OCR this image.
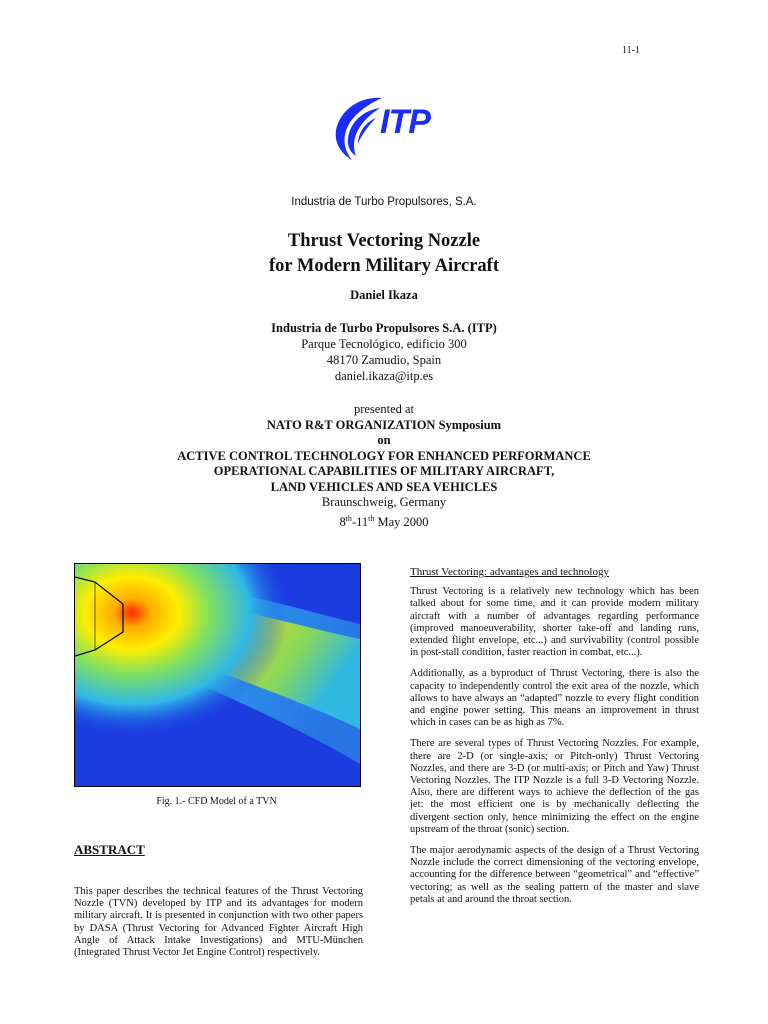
11-1
ITP
Industria de Turbo Propulsores, S.A.
Thrust Vectoring Nozzle
for Modern Military Aircraft
Daniel Ikaza
Industria de Turbo Propulsores S.A. (ITP)
Parque Tecnológico, edificio 300
48170 Zamudio, Spain
daniel.ikaza@itp.es
presented at
NATO R&T ORGANIZATION Symposium
on
ACTIVE CONTROL TECHNOLOGY FOR ENHANCED PERFORMANCE
OPERATIONAL CAPABILITIES OF MILITARY AIRCRAFT,
LAND VEHICLES AND SEA VEHICLES
Braunschweig, Germany
8th-11th May 2000
Fig. 1.- CFD Model of a TVN
ABSTRACT

This paper describes the technical features of the Thrust Vectoring Nozzle (TVN) developed by ITP and its advantages for modern military aircraft. It is presented in conjunction with two other papers by DASA (Thrust Vectoring for Advanced Fighter Aircraft High Angle of Attack Intake Investigations) and MTU-München (Integrated Thrust Vector Jet Engine Control) respectively.

Thrust Vectoring: advantages and technology

Thrust Vectoring is a relatively new technology which has been talked about for some time, and it can provide modern military aircraft with a number of advantages regarding performance (improved manoeuverability, shorter take-off and landing runs, extended flight envelope, etc...) and survivability (control possible in post-stall condition, faster reaction in combat, etc...).

Additionally, as a byproduct of Thrust Vectoring, there is also the capacity to independently control the exit area of the nozzle, which allows to have always an “adapted” nozzle to every flight condition and engine power setting. This means an improvement in thrust which in cases can be as high as 7%.

There are several types of Thrust Vectoring Nozzles. For example, there are 2-D (or single-axis; or Pitch-only) Thrust Vectoring Nozzles, and there are 3-D (or multi-axis; or Pitch and Yaw) Thrust Vectoring Nozzles. The ITP Nozzle is a full 3-D Vectoring Nozzle. Also, there are different ways to achieve the deflection of the gas jet: the most efficient one is by mechanically deflecting the divergent section only, hence minimizing the effect on the engine upstream of the throat (sonic) section.

The major aerodynamic aspects of the design of a Thrust Vectoring Nozzle include the correct dimensioning of the vectoring envelope, accounting for the difference between “geometrical” and “effective” vectoring; as well as the sealing pattern of the master and slave petals at and around the throat section.
